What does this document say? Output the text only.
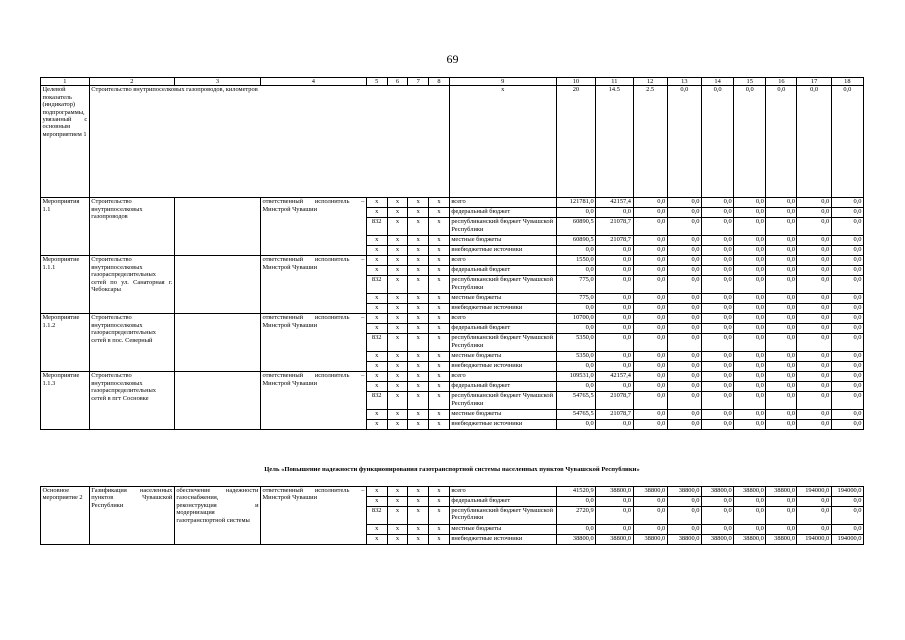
69
1	2	3	4	5	6	7	8	9	10	11	12	13	14	15	16	17	18
Целевой показатель (индикатор) подпрограммы, увязанный с основным мероприятием 1	Строительство внутрипоселковых газопроводов, километров							x	20	14.5	2.5	0,0	0,0	0,0	0,0	0,0	0,0
Мероприятия 1.1	Строительство внутрипоселковых газопроводов		ответственный исполнитель – Минстрой Чувашии	x	x	x	x	всего	121781,0	42157,4	0,0	0,0	0,0	0,0	0,0	0,0	0,0
				x	x	x	x	федеральный бюджет	0,0	0,0	0,0	0,0	0,0	0,0	0,0	0,0	0,0
				832	x	x	x	республиканский бюджет Чувашской Республики	60890,5	21078,7	0,0	0,0	0,0	0,0	0,0	0,0	0,0
				x	x	x	x	местные бюджеты	60890,5	21078,7	0,0	0,0	0,0	0,0	0,0	0,0	0,0
				x	x	x	x	внебюджетные источники	0,0	0,0	0,0	0,0	0,0	0,0	0,0	0,0	0,0
Мероприятие 1.1.1	Строительство внутрипоселковых газораспределительных сетей по ул. Санаторная г. Чебоксары		ответственный исполнитель – Минстрой Чувашии	x	x	x	x	всего	1550,0	0,0	0,0	0,0	0,0	0,0	0,0	0,0	0,0
				x	x	x	x	федеральный бюджет	0,0	0,0	0,0	0,0	0,0	0,0	0,0	0,0	0,0
				832	x	x	x	республиканский бюджет Чувашской Республики	775,0	0,0	0,0	0,0	0,0	0,0	0,0	0,0	0,0
				x	x	x	x	местные бюджеты	775,0	0,0	0,0	0,0	0,0	0,0	0,0	0,0	0,0
				x	x	x	x	внебюджетные источники	0,0	0,0	0,0	0,0	0,0	0,0	0,0	0,0	0,0
Мероприятие 1.1.2	Строительство внутрипоселковых газораспределительных сетей в пос. Северный		ответственный исполнитель – Минстрой Чувашии	x	x	x	x	всего	10700,0	0,0	0,0	0,0	0,0	0,0	0,0	0,0	0,0
				x	x	x	x	федеральный бюджет	0,0	0,0	0,0	0,0	0,0	0,0	0,0	0,0	0,0
				832	x	x	x	республиканский бюджет Чувашской Республики	5350,0	0,0	0,0	0,0	0,0	0,0	0,0	0,0	0,0
				x	x	x	x	местные бюджеты	5350,0	0,0	0,0	0,0	0,0	0,0	0,0	0,0	0,0
				x	x	x	x	внебюджетные источники	0,0	0,0	0,0	0,0	0,0	0,0	0,0	0,0	0,0
Мероприятие 1.1.3	Строительство внутрипоселковых газораспределительных сетей в пгт Сосновке		ответственный исполнитель – Минстрой Чувашии	x	x	x	x	всего	109531,0	42157,4	0,0	0,0	0,0	0,0	0,0	0,0	0,0
				x	x	x	x	федеральный бюджет	0,0	0,0	0,0	0,0	0,0	0,0	0,0	0,0	0,0
				832	x	x	x	республиканский бюджет Чувашской Республики	54765,5	21078,7	0,0	0,0	0,0	0,0	0,0	0,0	0,0
				x	x	x	x	местные бюджеты	54765,5	21078,7	0,0	0,0	0,0	0,0	0,0	0,0	0,0
				x	x	x	x	внебюджетные источники	0,0	0,0	0,0	0,0	0,0	0,0	0,0	0,0	0,0
Цель «Повышение надежности функционирования газотранспортной системы населенных пунктов Чувашской Республики»
Основное мероприятие 2	Газификация населенных пунктов Чувашской Республики	обеспечение надежности газоснабжения, реконструкция и модернизация газотранспортной системы	ответственный исполнитель – Минстрой Чувашии	x	x	x	x	всего	41520,9	38800,0	38800,0	38800,0	38800,0	38800,0	38800,0	194000,0	194000,0
				x	x	x	x	федеральный бюджет	0,0	0,0	0,0	0,0	0,0	0,0	0,0	0,0	0,0
				832	x	x	x	республиканский бюджет Чувашской Республики	2720,9	0,0	0,0	0,0	0,0	0,0	0,0	0,0	0,0
				x	x	x	x	местные бюджеты	0,0	0,0	0,0	0,0	0,0	0,0	0,0	0,0	0,0
				x	x	x	x	внебюджетные источники	38800,0	38800,0	38800,0	38800,0	38800,0	38800,0	38800,0	194000,0	194000,0
